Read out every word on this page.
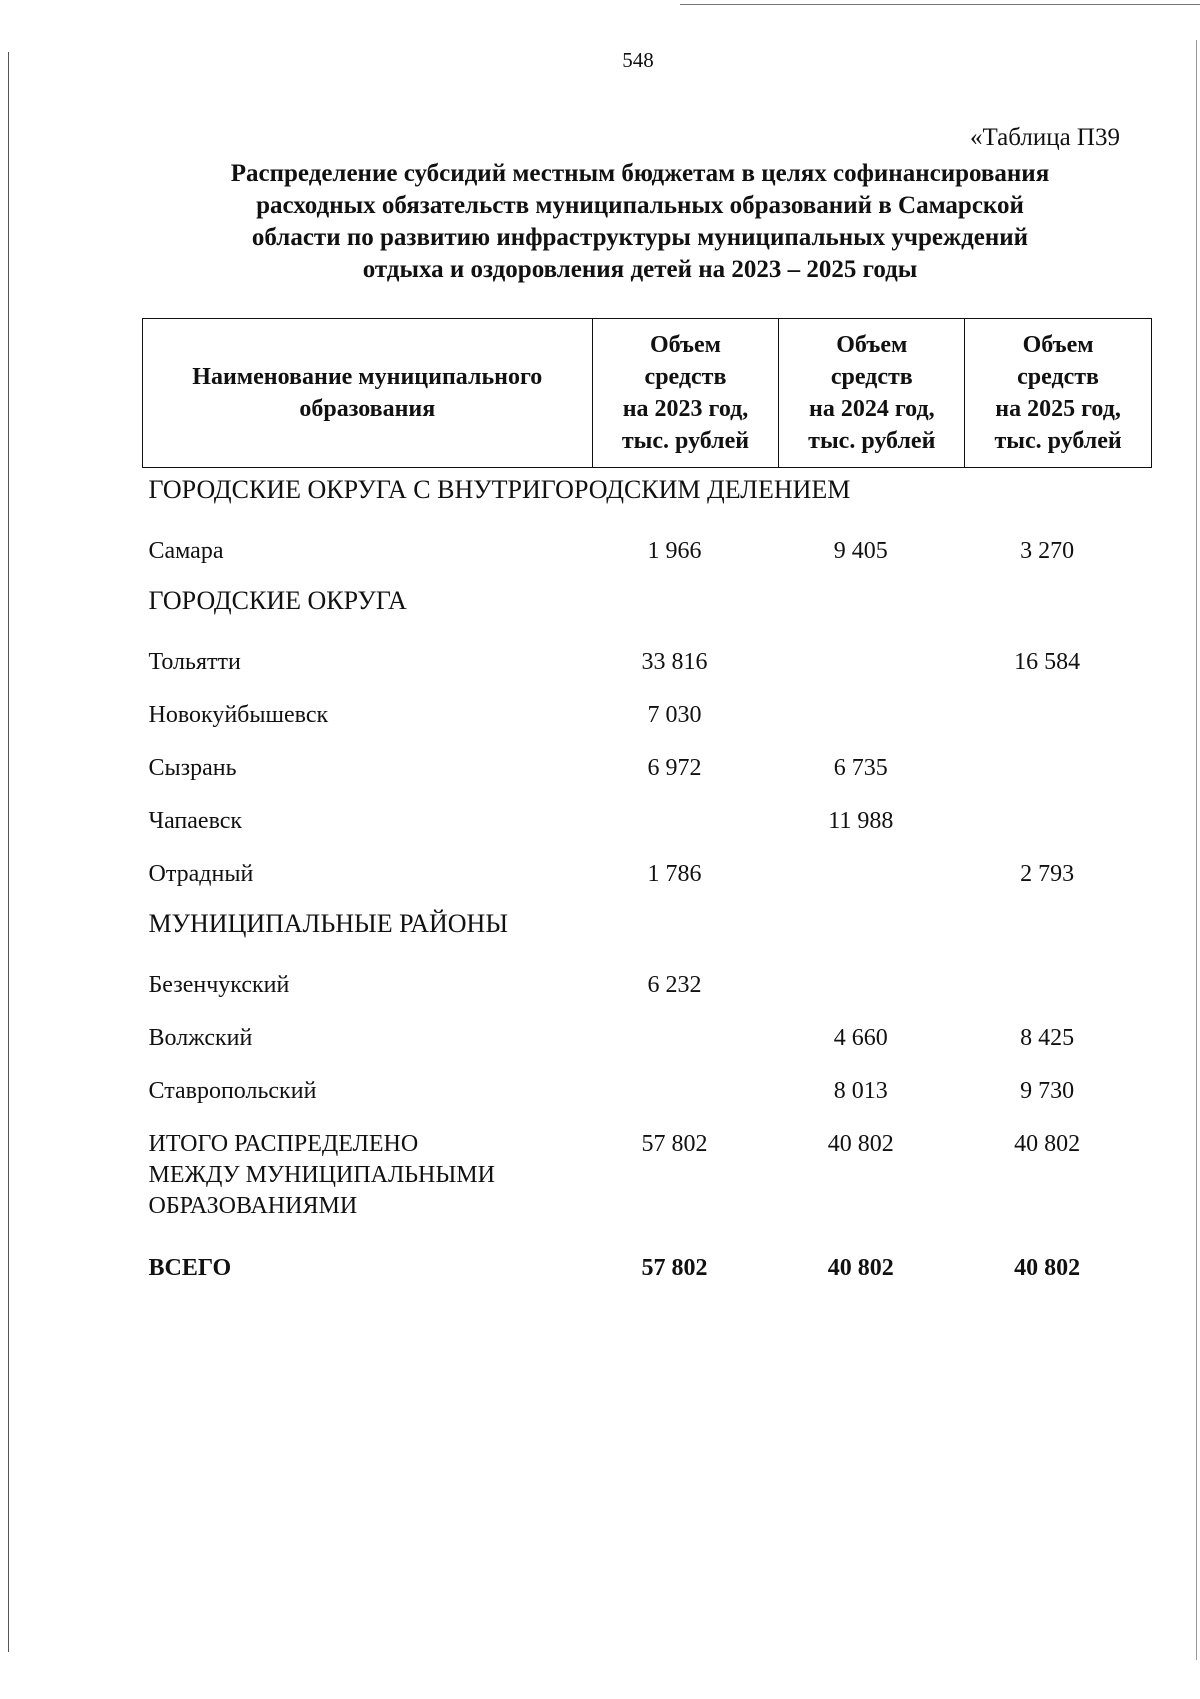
548
«Таблица П39
Распределение субсидий местным бюджетам в целях софинансирования
расходных обязательств муниципальных образований в Самарской
области по развитию инфраструктуры муниципальных учреждений
отдыха и оздоровления детей на 2023 – 2025 годы
Наименование муниципального
образования	Объем
средств
на 2023 год,
тыс. рублей	Объем
средств
на 2024 год,
тыс. рублей	Объем
средств
на 2025 год,
тыс. рублей

ГОРОДСКИЕ ОКРУГА С ВНУТРИГОРОДСКИМ ДЕЛЕНИЕМ			
Самара	1 966	9 405	3 270
ГОРОДСКИЕ ОКРУГА			
Тольятти	33 816		16 584
Новокуйбышевск	7 030		
Сызрань	6 972	6 735	
Чапаевск		11 988	
Отрадный	1 786		2 793
МУНИЦИПАЛЬНЫЕ РАЙОНЫ			
Безенчукский	6 232		
Волжский		4 660	8 425
Ставропольский		8 013	9 730

ИТОГО РАСПРЕДЕЛЕНО
МЕЖДУ МУНИЦИПАЛЬНЫМИ
ОБРАЗОВАНИЯМИ	57 802	40 802	40 802
ВСЕГО	57 802	40 802	40 802
